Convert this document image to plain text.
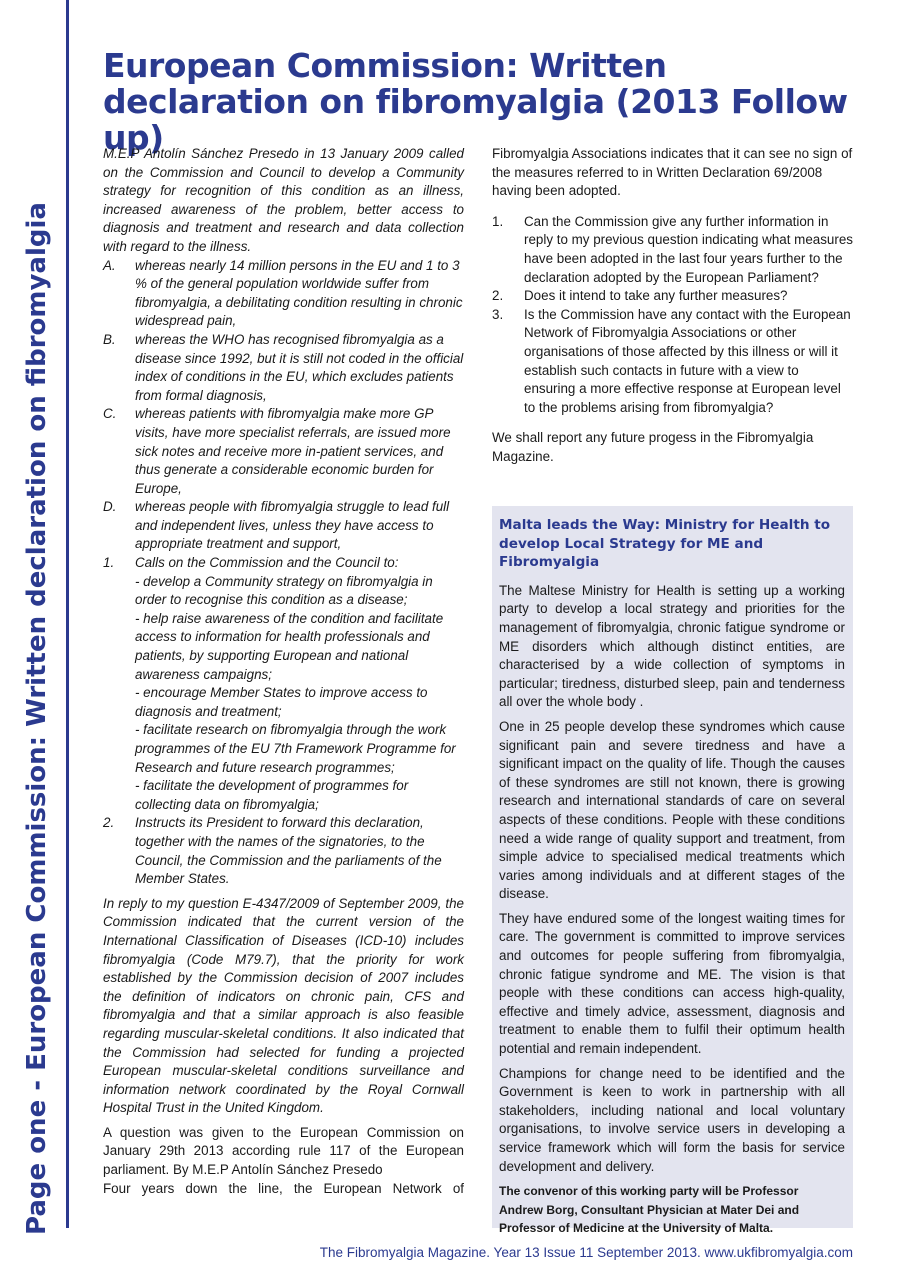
Page one - European Commission: Written declaration on fibromyalgia
European Commission: Written declaration on fibromyalgia (2013 Follow up)

M.E.P Antolín Sánchez Presedo in 13 January 2009 called on the Commission and Council to develop a Community strategy for recognition of this condition as an illness, increased awareness of the problem, better access to diagnosis and treatment and research and data collection with regard to the illness.

A. whereas nearly 14 million persons in the EU and 1 to 3 % of the general population worldwide suffer from fibromyalgia, a debilitating condition resulting in chronic widespread pain,
B. whereas the WHO has recognised fibromyalgia as a disease since 1992, but it is still not coded in the official index of conditions in the EU, which excludes patients from formal diagnosis,
C. whereas patients with fibromyalgia make more GP visits, have more specialist referrals, are issued more sick notes and receive more in-patient services, and thus generate a considerable economic burden for Europe,
D. whereas people with fibromyalgia struggle to lead full and independent lives, unless they have access to appropriate treatment and support,
1. Calls on the Commission and the Council to:
- develop a Community strategy on fibromyalgia in order to recognise this condition as a disease;
- help raise awareness of the condition and facilitate access to information for health professionals and patients, by supporting European and national awareness campaigns;
- encourage Member States to improve access to diagnosis and treatment;
- facilitate research on fibromyalgia through the work programmes of the EU 7th Framework Programme for Research and future research programmes;
- facilitate the development of programmes for collecting data on fibromyalgia;
2. Instructs its President to forward this declaration, together with the names of the signatories, to the Council, the Commission and the parliaments of the Member States.

In reply to my question E-4347/2009 of September 2009, the Commission indicated that the current version of the International Classification of Diseases (ICD-10) includes fibromyalgia (Code M79.7), that the priority for work established by the Commission decision of 2007 includes the definition of indicators on chronic pain, CFS and fibromyalgia and that a similar approach is also feasible regarding muscular-skeletal conditions. It also indicated that the Commission had selected for funding a projected European muscular-skeletal conditions surveillance and information network coordinated by the Royal Cornwall Hospital Trust in the United Kingdom.

A question was given to the European Commission on January 29th 2013 according rule 117 of the European parliament. By M.E.P Antolín Sánchez Presedo

Four years down the line, the European Network of

Fibromyalgia Associations indicates that it can see no sign of the measures referred to in Written Declaration 69/2008 having been adopted.

1. Can the Commission give any further information in reply to my previous question indicating what measures have been adopted in the last four years further to the declaration adopted by the European Parliament?
2. Does it intend to take any further measures?
3. Is the Commission have any contact with the European Network of Fibromyalgia Associations or other organisations of those affected by this illness or will it establish such contacts in future with a view to ensuring a more effective response at European level to the problems arising from fibromyalgia?

We shall report any future progess in the Fibromyalgia Magazine.

Malta leads the Way: Ministry for Health to develop Local Strategy for ME and Fibromyalgia

The Maltese Ministry for Health is setting up a working party to develop a local strategy and priorities for the management of fibromyalgia, chronic fatigue syndrome or ME disorders which although distinct entities, are characterised by a wide collection of symptoms in particular; tiredness, disturbed sleep, pain and tenderness all over the whole body .

One in 25 people develop these syndromes which cause significant pain and severe tiredness and have a significant impact on the quality of life. Though the causes of these syndromes are still not known, there is growing research and international standards of care on several aspects of these conditions. People with these conditions need a wide range of quality support and treatment, from simple advice to specialised medical treatments which varies among individuals and at different stages of the disease.

They have endured some of the longest waiting times for care. The government is committed to improve services and outcomes for people suffering from fibromyalgia, chronic fatigue syndrome and ME. The vision is that people with these conditions can access high-quality, effective and timely advice, assessment, diagnosis and treatment to enable them to fulfil their optimum health potential and remain independent.

Champions for change need to be identified and the Government is keen to work in partnership with all stakeholders, including national and local voluntary organisations, to involve service users in developing a service framework which will form the basis for service development and delivery.

The convenor of this working party will be Professor Andrew Borg, Consultant Physician at Mater Dei and Professor of Medicine at the University of Malta.

The Fibromyalgia Magazine. Year 13 Issue 11 September 2013. www.ukfibromyalgia.com
